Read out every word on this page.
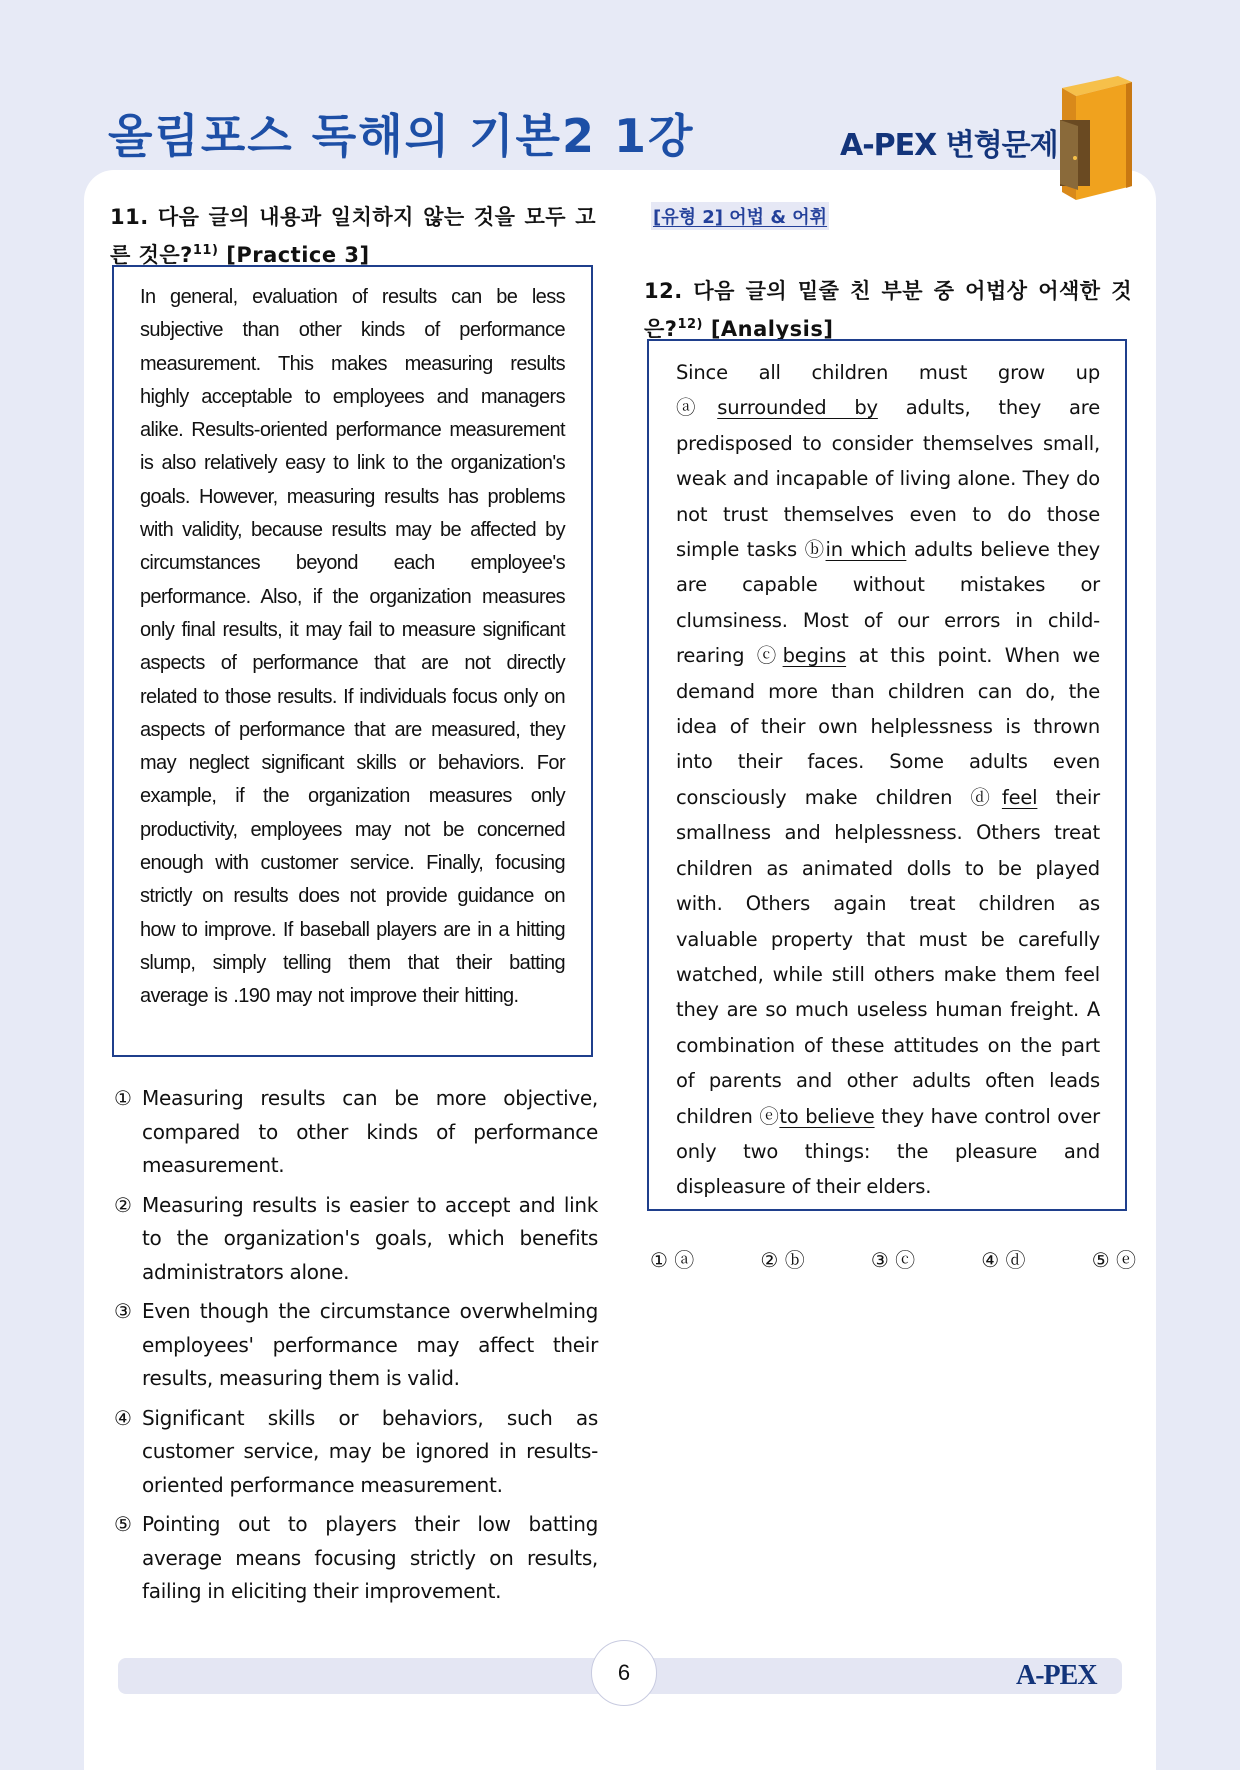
올림포스 독해의 기본2 1강	A-PEX 변형문제
11. 다음 글의 내용과 일치하지 않는 것을 모두 고른 것은?$^{11)}$ [Practice 3]
In general, evaluation of results can be less subjective than other kinds of performance measurement. This makes measuring results highly acceptable to employees and managers alike. Results-oriented performance measurement is also relatively easy to link to the organization's goals. However, measuring results has problems with validity, because results may be affected by circumstances beyond each employee's performance. Also, if the organization measures only final results, it may fail to measure significant aspects of performance that are not directly related to those results. If individuals focus only on aspects of performance that are measured, they may neglect significant skills or behaviors. For example, if the organization measures only productivity, employees may not be concerned enough with customer service. Finally, focusing strictly on results does not provide guidance on how to improve. If baseball players are in a hitting slump, simply telling them that their batting average is .190 may not improve their hitting.
① Measuring results can be more objective, compared to other kinds of performance measurement.
② Measuring results is easier to accept and link to the organization's goals, which benefits administrators alone.
③ Even though the circumstance overwhelming employees' performance may affect their results, measuring them is valid.
④ Significant skills or behaviors, such as customer service, may be ignored in results-oriented performance measurement.
⑤ Pointing out to players their low batting average means focusing strictly on results, failing in eliciting their improvement.
[유형 2] 어법 & 어휘
12. 다음 글의 밑줄 친 부분 중 어법상 어색한 것은?$^{12)}$ [Analysis]
Since all children must grow up ⓐsurrounded by adults, they are predisposed to consider themselves small, weak and incapable of living alone. They do not trust themselves even to do those simple tasks ⓑin which adults believe they are capable without mistakes or clumsiness. Most of our errors in child-rearing ⓒbegins at this point. When we demand more than children can do, the idea of their own helplessness is thrown into their faces. Some adults even consciously make children ⓓfeel their smallness and helplessness. Others treat children as animated dolls to be played with. Others again treat children as valuable property that must be carefully watched, while still others make them feel they are so much useless human freight. A combination of these attitudes on the part of parents and other adults often leads children ⓔto believe they have control over only two things: the pleasure and displeasure of their elders.
① ⓐ	② ⓑ	③ ⓒ	④ ⓓ	⑤ ⓔ
6	A-PEX
